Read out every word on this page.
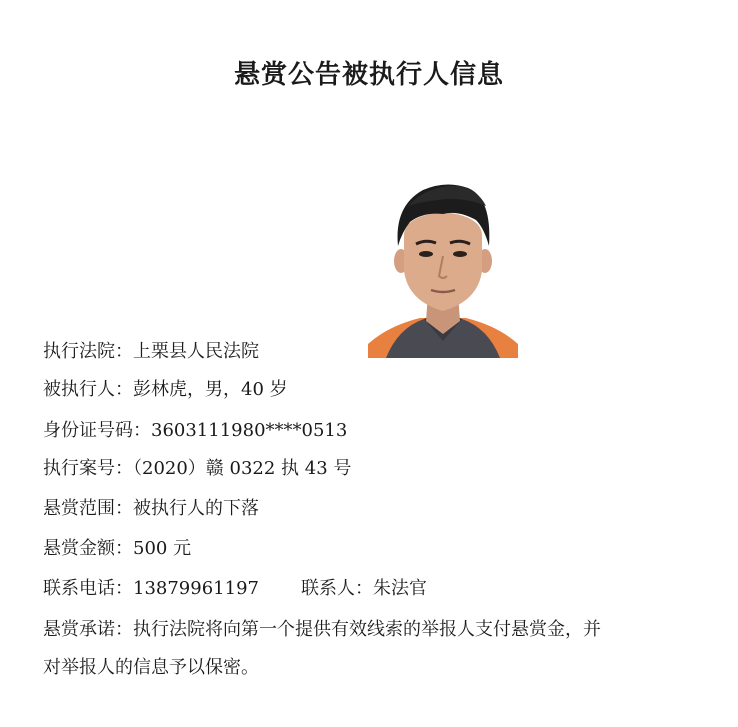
悬赏公告被执行人信息
执行法院：上栗县人民法院
被执行人：彭林虎，男，40 岁
身份证号码：3603111980****0513
执行案号：（2020）赣 0322 执 43 号
悬赏范围：被执行人的下落
悬赏金额：500 元
联系电话：13879961197 联系人：朱法官
悬赏承诺：执行法院将向第一个提供有效线索的举报人支付悬赏金，并
对举报人的信息予以保密。
